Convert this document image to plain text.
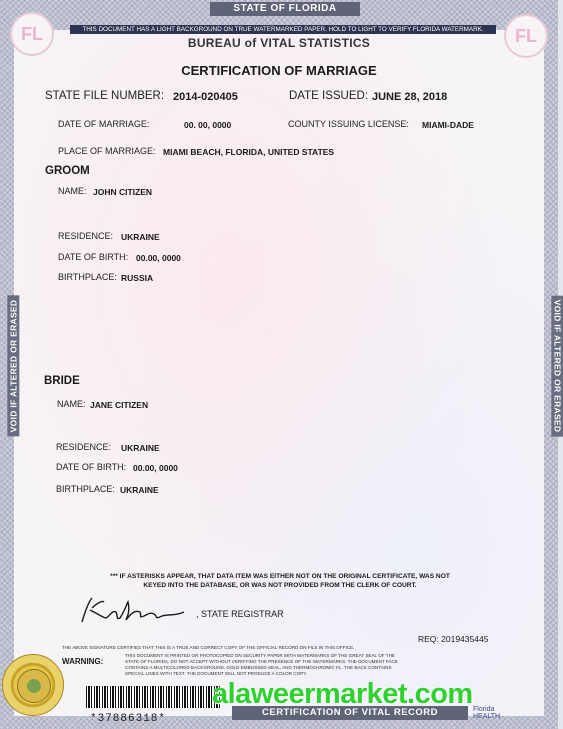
STATE OF FLORIDA
THIS DOCUMENT HAS A LIGHT BACKGROUND ON TRUE WATERMARKED PAPER. HOLD TO LIGHT TO VERIFY FLORIDA WATERMARK.
FL	FL
BUREAU of VITAL STATISTICS
CERTIFICATION OF MARRIAGE
STATE FILE NUMBER: 2014-020405	DATE ISSUED: JUNE 28, 2018
DATE OF MARRIAGE:	00. 00, 0000	COUNTY ISSUING LICENSE: MIAMI-DADE
PLACE OF MARRIAGE: MIAMI BEACH, FLORIDA, UNITED STATES
GROOM
NAME: JOHN CITIZEN
RESIDENCE: UKRAINE
DATE OF BIRTH: 00.00, 0000
BIRTHPLACE: RUSSIA
BRIDE
NAME: JANE CITIZEN
RESIDENCE: UKRAINE
DATE OF BIRTH: 00.00, 0000
BIRTHPLACE: UKRAINE
VOID IF ALTERED OR ERASED	VOID IF ALTERED OR ERASED
*** IF ASTERISKS APPEAR, THAT DATA ITEM WAS EITHER NOT ON THE ORIGINAL CERTIFICATE, WAS NOT
KEYED INTO THE DATABASE, OR WAS NOT PROVIDED FROM THE CLERK OF COURT.
, STATE REGISTRAR
REQ: 2019435445
THE ABOVE SIGNATURE CERTIFIES THAT THIS IS A TRUE AND CORRECT COPY OF THE OFFICIAL RECORD ON FILE IN THIS OFFICE.
WARNING:
THIS DOCUMENT IS PRINTED OR PHOTOCOPIED ON SECURITY PAPER WITH WATERMARKS OF THE GREAT SEAL OF THE STATE OF FLORIDA. DO NOT ACCEPT WITHOUT VERIFYING THE PRESENCE OF THE WATERMARKS. THE DOCUMENT FACE CONTAINS A MULTICOLORED BACKGROUND, GOLD EMBOSSED SEAL, AND THERMOCHROMIC FL. THE BACK CONTAINS SPECIAL LINES WITH TEXT. THE DOCUMENT WILL NOT PRODUCE A COLOR COPY.
*37886318*
CERTIFICATION OF VITAL RECORD	Florida HEALTH
alaweermarket.com
